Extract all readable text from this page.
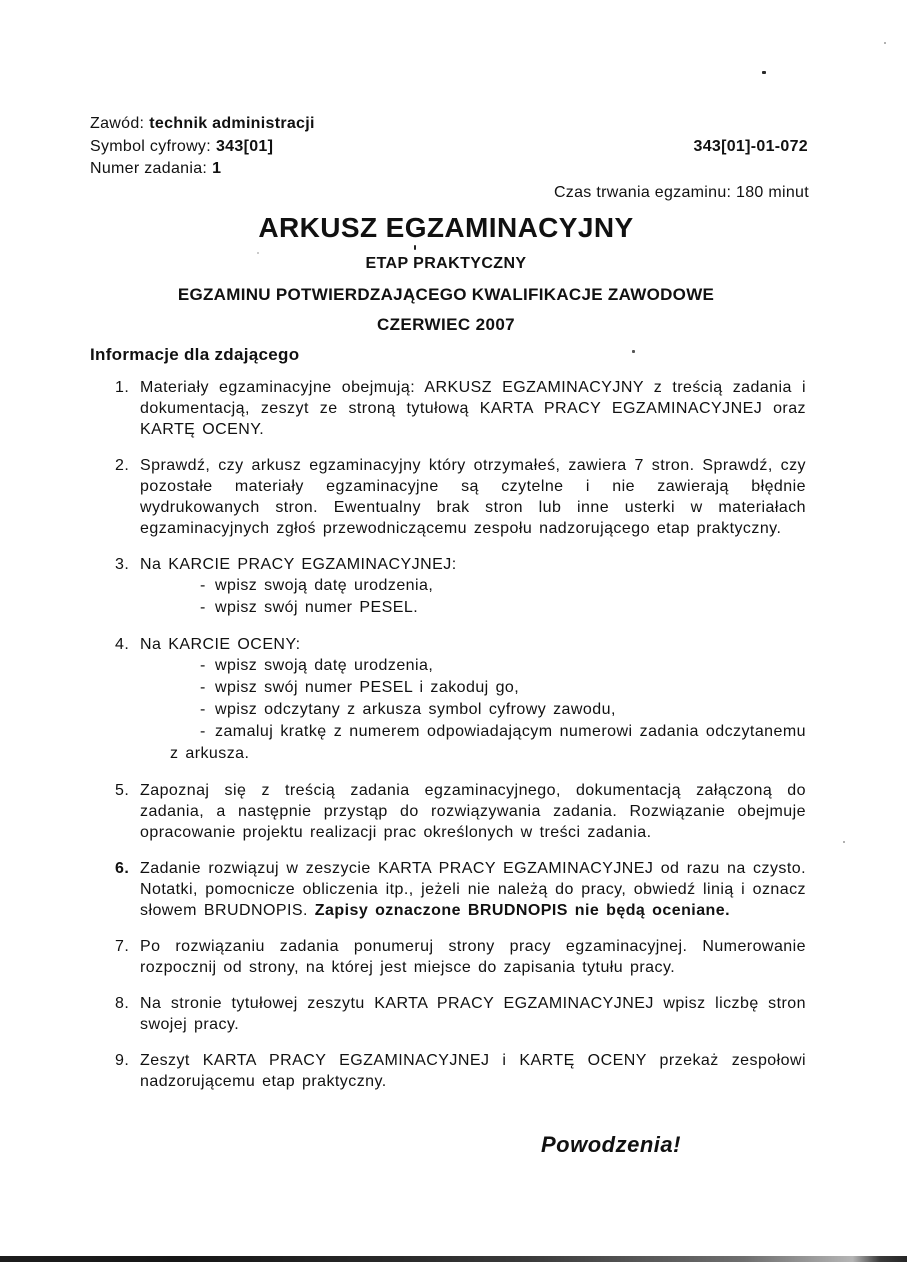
Zawód: technik administracji
Symbol cyfrowy: 343[01]
Numer zadania: 1
343[01]-01-072
Czas trwania egzaminu: 180 minut
ARKUSZ EGZAMINACYJNY
ETAP PRAKTYCZNY
EGZAMINU POTWIERDZAJĄCEGO KWALIFIKACJE ZAWODOWE
CZERWIEC 2007
Informacje dla zdającego
1. Materiały egzaminacyjne obejmują: ARKUSZ EGZAMINACYJNY z treścią zadania i dokumentacją, zeszyt ze stroną tytułową KARTA PRACY EGZAMINACYJNEJ oraz KARTĘ OCENY.
2. Sprawdź, czy arkusz egzaminacyjny który otrzymałeś, zawiera 7 stron. Sprawdź, czy pozostałe materiały egzaminacyjne są czytelne i nie zawierają błędnie wydrukowanych stron. Ewentualny brak stron lub inne usterki w materiałach egzaminacyjnych zgłoś przewodniczącemu zespołu nadzorującego etap praktyczny.
3. Na KARCIE PRACY EGZAMINACYJNEJ:
- wpisz swoją datę urodzenia,
- wpisz swój numer PESEL.
4. Na KARCIE OCENY:
- wpisz swoją datę urodzenia,
- wpisz swój numer PESEL i zakoduj go,
- wpisz odczytany z arkusza symbol cyfrowy zawodu,
- zamaluj kratkę z numerem odpowiadającym numerowi zadania odczytanemu z arkusza.
5. Zapoznaj się z treścią zadania egzaminacyjnego, dokumentacją załączoną do zadania, a następnie przystąp do rozwiązywania zadania. Rozwiązanie obejmuje opracowanie projektu realizacji prac określonych w treści zadania.
6. Zadanie rozwiązuj w zeszycie KARTA PRACY EGZAMINACYJNEJ od razu na czysto. Notatki, pomocnicze obliczenia itp., jeżeli nie należą do pracy, obwiedź linią i oznacz słowem BRUDNOPIS. Zapisy oznaczone BRUDNOPIS nie będą oceniane.
7. Po rozwiązaniu zadania ponumeruj strony pracy egzaminacyjnej. Numerowanie rozpocznij od strony, na której jest miejsce do zapisania tytułu pracy.
8. Na stronie tytułowej zeszytu KARTA PRACY EGZAMINACYJNEJ wpisz liczbę stron swojej pracy.
9. Zeszyt KARTA PRACY EGZAMINACYJNEJ i KARTĘ OCENY przekaż zespołowi nadzorującemu etap praktyczny.
Powodzenia!
